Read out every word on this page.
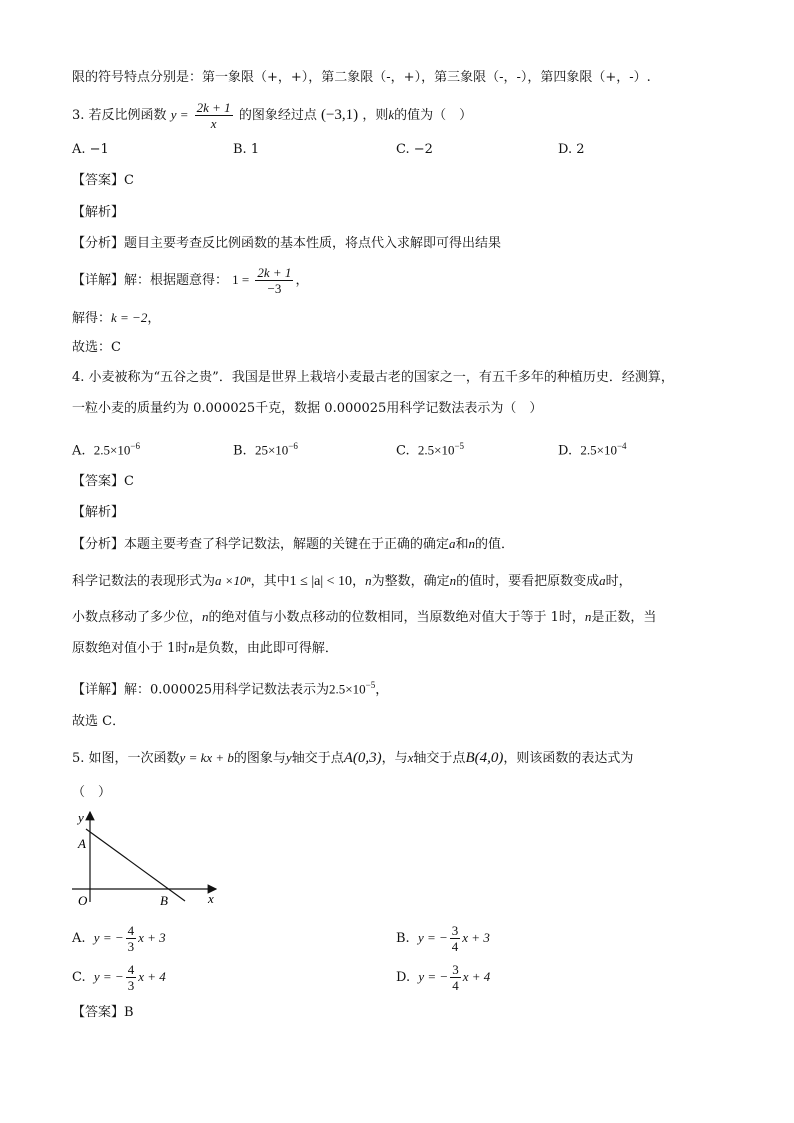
限的符号特点分别是：第一象限（+，+），第二象限（-，+），第三象限（-，-），第四象限（+，-）.
3. 若反比例函数 $y = \frac{2k + 1}{x}$ 的图象经过点 (−3,1) ，则k的值为（　）
A. −1	B. 1	C. −2	D. 2
【答案】C
【解析】
【分析】题目主要考查反比例函数的基本性质，将点代入求解即可得出结果
【详解】解：根据题意得： $1 = \frac{2k + 1}{-3}$ ，
解得：k = −2，
故选：C
4. 小麦被称为“五谷之贵”．我国是世界上栽培小麦最古老的国家之一，有五千多年的种植历史．经测算，
一粒小麦的质量约为 0.000025千克，数据 0.000025用科学记数法表示为（　）
A. $2.5\times 10^{-6}$	B. $25\times 10^{-6}$	C. $2.5\times 10^{-5}$	D. $2.5\times 10^{-4}$
【答案】C
【解析】
【分析】本题主要考查了科学记数法，解题的关键在于正确的确定a和n的值．
科学记数法的表现形式为a ×10ⁿ，其中1 ≤ |a| < 10，n为整数，确定n的值时，要看把原数变成a时，
小数点移动了多少位，n的绝对值与小数点移动的位数相同，当原数绝对值大于等于 1时，n是正数，当
原数绝对值小于 1时n是负数，由此即可得解．
【详解】解：0.000025用科学记数法表示为$2.5\times 10^{-5}$，
故选 C．
5. 如图，一次函数y = kx + b的图象与y轴交于点A(0,3)，与x轴交于点B(4,0)，则该函数的表达式为
（　）
y
x
A
B
O
A. y = − $\frac{4}{3}$ x + 3	B. y = − $\frac{3}{4}$ x + 3
C. y = − $\frac{4}{3}$ x + 4	D. y = − $\frac{3}{4}$ x + 4
【答案】B
